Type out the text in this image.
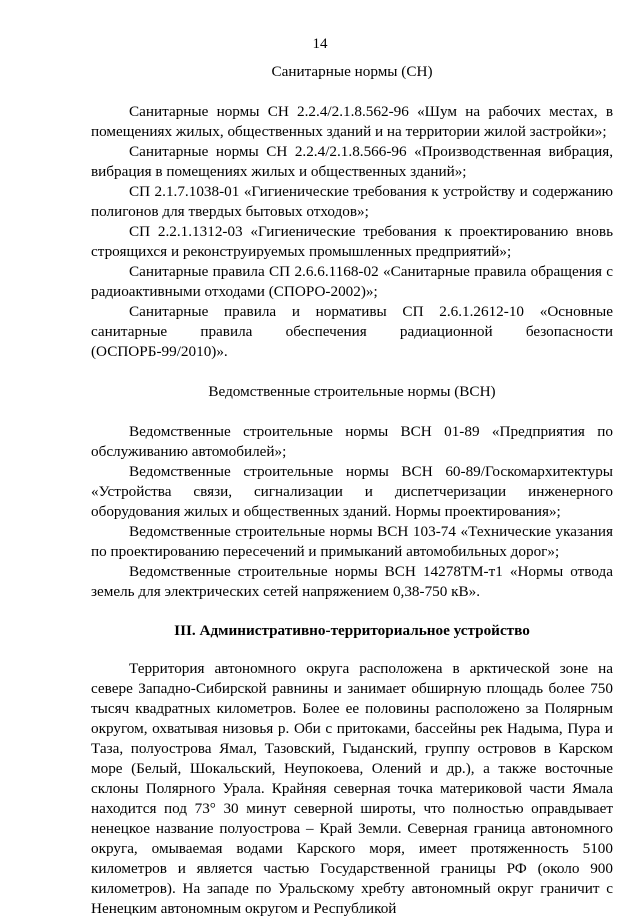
14
Санитарные нормы (СН)

Санитарные нормы СН 2.2.4/2.1.8.562-96 «Шум на рабочих местах, в помещениях жилых, общественных зданий и на территории жилой застройки»;

Санитарные нормы СН 2.2.4/2.1.8.566-96 «Производственная вибрация, вибрация в помещениях жилых и общественных зданий»;

СП 2.1.7.1038-01 «Гигиенические требования к устройству и содержанию полигонов для твердых бытовых отходов»;

СП 2.2.1.1312-03 «Гигиенические требования к проектированию вновь строящихся и реконструируемых промышленных предприятий»;

Санитарные правила СП 2.6.6.1168-02 «Санитарные правила обращения с радиоактивными отходами (СПОРО-2002)»;

Санитарные правила и нормативы СП 2.6.1.2612-10 «Основные санитарные правила обеспечения радиационной безопасности (ОСПОРБ-99/2010)».

Ведомственные строительные нормы (ВСН)

Ведомственные строительные нормы ВСН 01-89 «Предприятия по обслуживанию автомобилей»;

Ведомственные строительные нормы ВСН 60-89/Госкомархитектуры «Устройства связи, сигнализации и диспетчеризации инженерного оборудования жилых и общественных зданий. Нормы проектирования»;

Ведомственные строительные нормы ВСН 103-74 «Технические указания по проектированию пересечений и примыканий автомобильных дорог»;

Ведомственные строительные нормы ВСН 14278ТМ-т1 «Нормы отвода земель для электрических сетей напряжением 0,38-750 кВ».

III. Административно-территориальное устройство

Территория автономного округа расположена в арктической зоне на севере Западно-Сибирской равнины и занимает обширную площадь более 750 тысяч квадратных километров. Более ее половины расположено за Полярным округом, охватывая низовья р. Оби с притоками, бассейны рек Надыма, Пура и Таза, полуострова Ямал, Тазовский, Гыданский, группу островов в Карском море (Белый, Шокальский, Неупокоева, Олений и др.), а также восточные склоны Полярного Урала. Крайняя северная точка материковой части Ямала находится под 73° 30 минут северной широты, что полностью оправдывает ненецкое название полуострова – Край Земли. Северная граница автономного округа, омываемая водами Карского моря, имеет протяженность 5100 километров и является частью Государственной границы РФ (около 900 километров). На западе по Уральскому хребту автономный округ граничит с Ненецким автономным округом и Республикой
